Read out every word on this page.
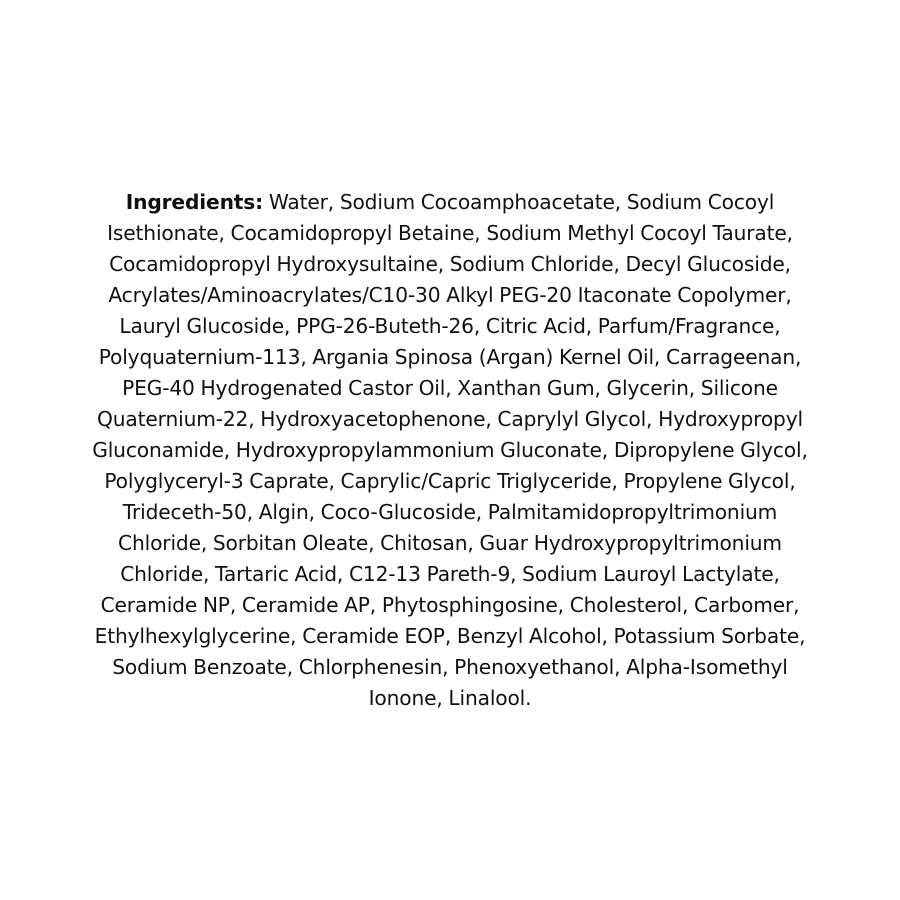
Ingredients: Water, Sodium Cocoamphoacetate, Sodium Cocoyl
Isethionate, Cocamidopropyl Betaine, Sodium Methyl Cocoyl Taurate,
Cocamidopropyl Hydroxysultaine, Sodium Chloride, Decyl Glucoside,
Acrylates/Aminoacrylates/C10-30 Alkyl PEG-20 Itaconate Copolymer,
Lauryl Glucoside, PPG-26-Buteth-26, Citric Acid, Parfum/Fragrance,
Polyquaternium-113, Argania Spinosa (Argan) Kernel Oil, Carrageenan,
PEG-40 Hydrogenated Castor Oil, Xanthan Gum, Glycerin, Silicone
Quaternium-22, Hydroxyacetophenone, Caprylyl Glycol, Hydroxypropyl
Gluconamide, Hydroxypropylammonium Gluconate, Dipropylene Glycol,
Polyglyceryl-3 Caprate, Caprylic/Capric Triglyceride, Propylene Glycol,
Trideceth-50, Algin, Coco-Glucoside, Palmitamidopropyltrimonium
Chloride, Sorbitan Oleate, Chitosan, Guar Hydroxypropyltrimonium
Chloride, Tartaric Acid, C12-13 Pareth-9, Sodium Lauroyl Lactylate,
Ceramide NP, Ceramide AP, Phytosphingosine, Cholesterol, Carbomer,
Ethylhexylglycerine, Ceramide EOP, Benzyl Alcohol, Potassium Sorbate,
Sodium Benzoate, Chlorphenesin, Phenoxyethanol, Alpha-Isomethyl
Ionone, Linalool.
